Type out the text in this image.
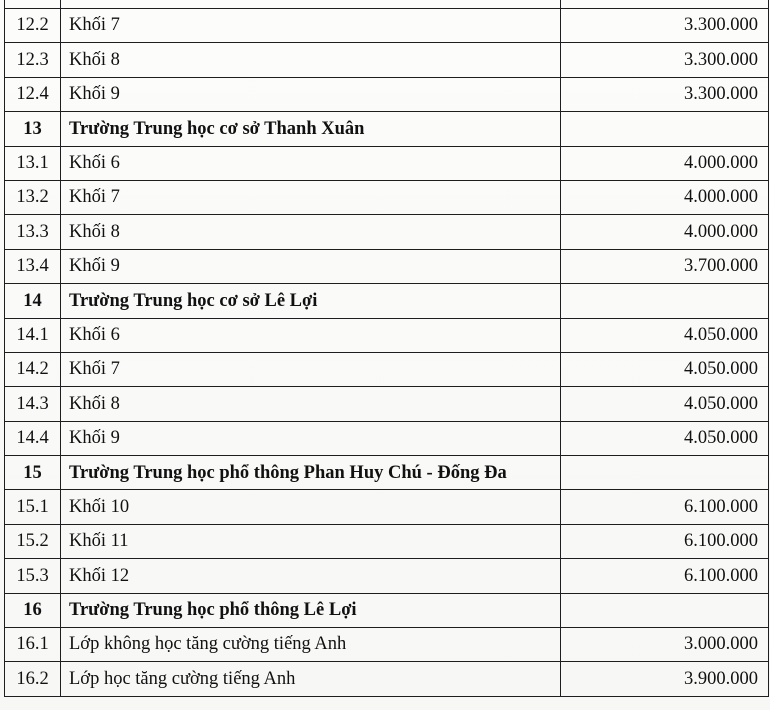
12.2	Khối 7	3.300.000
12.3	Khối 8	3.300.000
12.4	Khối 9	3.300.000
13	Trường Trung học cơ sở Thanh Xuân	
13.1	Khối 6	4.000.000
13.2	Khối 7	4.000.000
13.3	Khối 8	4.000.000
13.4	Khối 9	3.700.000
14	Trường Trung học cơ sở Lê Lợi	
14.1	Khối 6	4.050.000
14.2	Khối 7	4.050.000
14.3	Khối 8	4.050.000
14.4	Khối 9	4.050.000
15	Trường Trung học phổ thông Phan Huy Chú - Đống Đa	
15.1	Khối 10	6.100.000
15.2	Khối 11	6.100.000
15.3	Khối 12	6.100.000
16	Trường Trung học phổ thông Lê Lợi	
16.1	Lớp không học tăng cường tiếng Anh	3.000.000
16.2	Lớp học tăng cường tiếng Anh	3.900.000
